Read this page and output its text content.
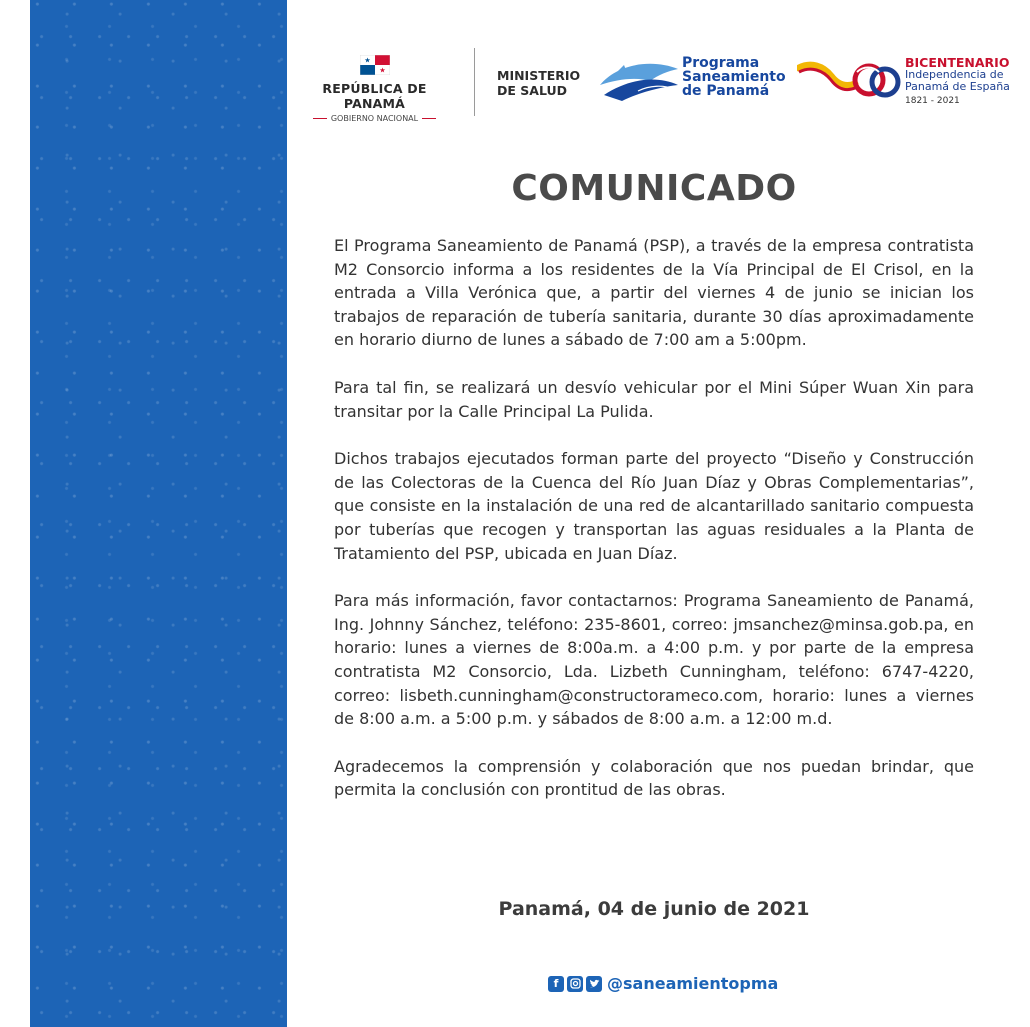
REPÚBLICA DE PANAMÁ
GOBIERNO NACIONAL
MINISTERIO
DE SALUD
Programa
Saneamiento
de Panamá
BICENTENARIO
Independencia de
Panamá de España
1821 - 2021
COMUNICADO

El Programa Saneamiento de Panamá (PSP), a través de la empresa contratista M2 Consorcio informa a los residentes de la Vía Principal de El Crisol, en la entrada a Villa Verónica que, a partir del viernes 4 de junio se inician los trabajos de reparación de tubería sanitaria, durante 30 días aproximadamente en horario diurno de lunes a sábado de 7:00 am a 5:00pm.

Para tal fin, se realizará un desvío vehicular por el Mini Súper Wuan Xin para transitar por la Calle Principal La Pulida.

Dichos trabajos ejecutados forman parte del proyecto “Diseño y Construcción de las Colectoras de la Cuenca del Río Juan Díaz y Obras Complementarias”, que consiste en la instalación de una red de alcantarillado sanitario compuesta por tuberías que recogen y transportan las aguas residuales a la Planta de Tratamiento del PSP, ubicada en Juan Díaz.

Para más información, favor contactarnos: Programa Saneamiento de Panamá, Ing. Johnny Sánchez, teléfono: 235-8601, correo: jmsanchez@minsa.gob.pa, en horario: lunes a viernes de 8:00a.m. a 4:00 p.m. y por parte de la empresa contratista M2 Consorcio, Lda. Lizbeth Cunningham, teléfono: 6747-4220, correo: lisbeth.cunningham@constructorameco.com, horario: lunes a viernes de 8:00 a.m. a 5:00 p.m. y sábados de 8:00 a.m. a 12:00 m.d.

Agradecemos la comprensión y colaboración que nos puedan brindar, que permita la conclusión con prontitud de las obras.

Panamá, 04 de junio de 2021
f	@saneamientopma
